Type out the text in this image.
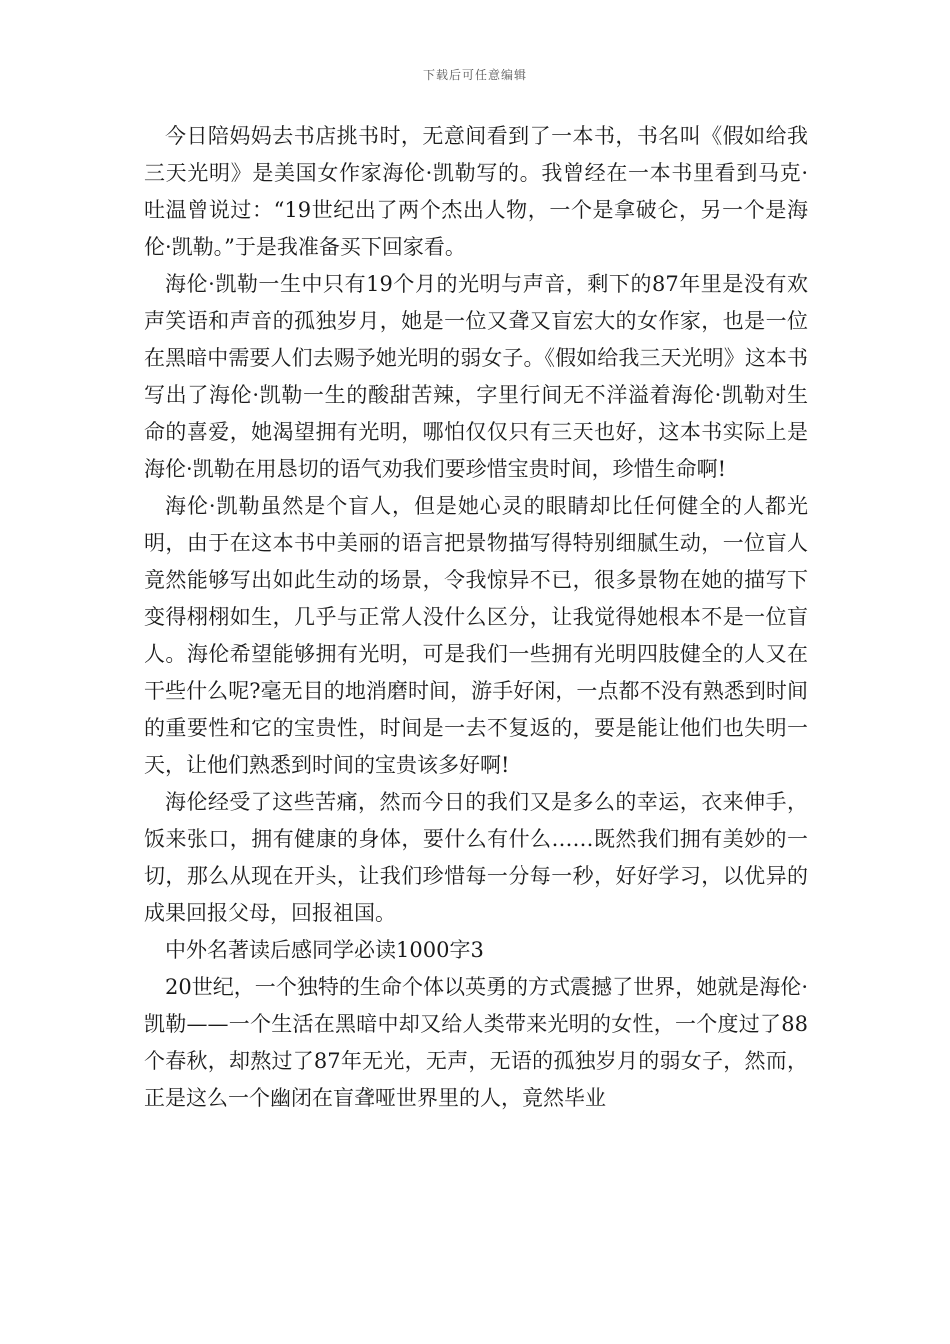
下载后可任意编辑

今日陪妈妈去书店挑书时，无意间看到了一本书，书名叫《假如给我三天光明》是美国女作家海伦·凯勒写的。我曾经在一本书里看到马克·吐温曾说过：“19世纪出了两个杰出人物，一个是拿破仑，另一个是海伦·凯勒。”于是我准备买下回家看。

海伦·凯勒一生中只有19个月的光明与声音，剩下的87年里是没有欢声笑语和声音的孤独岁月，她是一位又聋又盲宏大的女作家，也是一位在黑暗中需要人们去赐予她光明的弱女子。《假如给我三天光明》这本书写出了海伦·凯勒一生的酸甜苦辣，字里行间无不洋溢着海伦·凯勒对生命的喜爱，她渴望拥有光明，哪怕仅仅只有三天也好，这本书实际上是海伦·凯勒在用恳切的语气劝我们要珍惜宝贵时间，珍惜生命啊!

海伦·凯勒虽然是个盲人，但是她心灵的眼睛却比任何健全的人都光明，由于在这本书中美丽的语言把景物描写得特别细腻生动，一位盲人竟然能够写出如此生动的场景，令我惊异不已，很多景物在她的描写下变得栩栩如生，几乎与正常人没什么区分，让我觉得她根本不是一位盲人。海伦希望能够拥有光明，可是我们一些拥有光明四肢健全的人又在干些什么呢?毫无目的地消磨时间，游手好闲，一点都不没有熟悉到时间的重要性和它的宝贵性，时间是一去不复返的，要是能让他们也失明一天，让他们熟悉到时间的宝贵该多好啊!

海伦经受了这些苦痛，然而今日的我们又是多么的幸运，衣来伸手，饭来张口，拥有健康的身体，要什么有什么……既然我们拥有美妙的一切，那么从现在开头，让我们珍惜每一分每一秒，好好学习，以优异的成果回报父母，回报祖国。

中外名著读后感同学必读1000字3

20世纪，一个独特的生命个体以英勇的方式震撼了世界，她就是海伦·凯勒——一个生活在黑暗中却又给人类带来光明的女性，一个度过了88个春秋，却熬过了87年无光，无声，无语的孤独岁月的弱女子，然而，正是这么一个幽闭在盲聋哑世界里的人，竟然毕业
